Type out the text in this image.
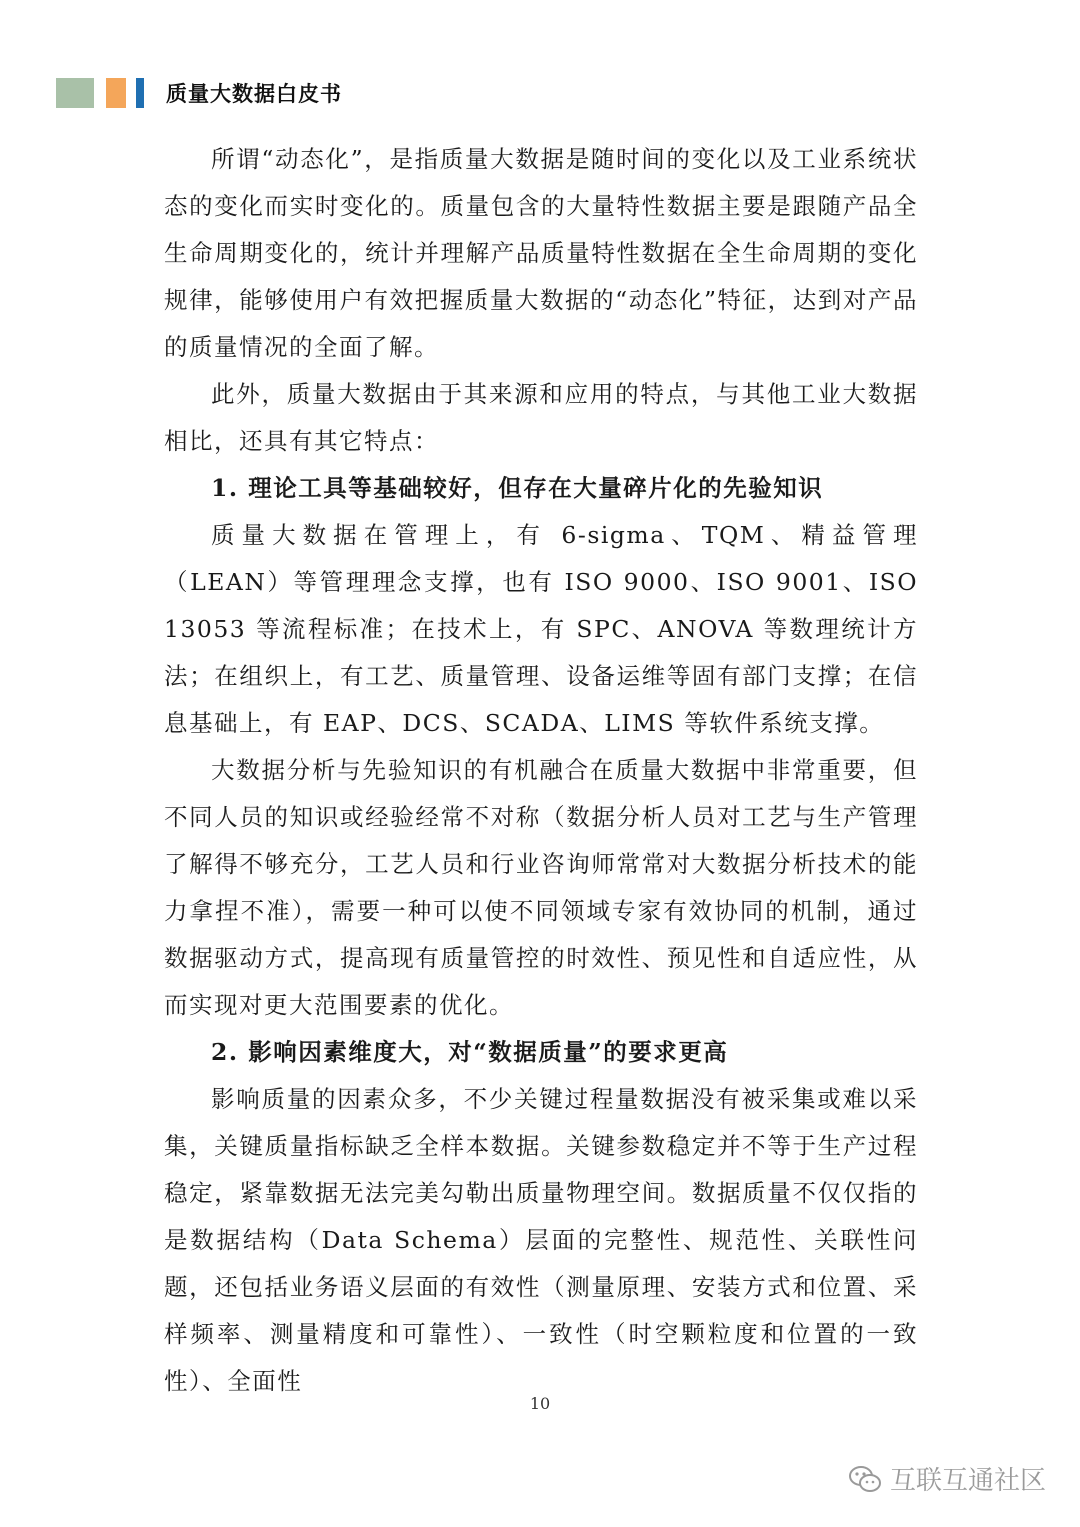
质量大数据白皮书

所谓“动态化”，是指质量大数据是随时间的变化以及工业系统状态的变化而实时变化的。质量包含的大量特性数据主要是跟随产品全生命周期变化的，统计并理解产品质量特性数据在全生命周期的变化规律，能够使用户有效把握质量大数据的“动态化”特征，达到对产品的质量情况的全面了解。

此外，质量大数据由于其来源和应用的特点，与其他工业大数据相比，还具有其它特点：

1. 理论工具等基础较好，但存在大量碎片化的先验知识

质量大数据在管理上，有 6-sigma、TQM、精益管理（LEAN）等管理理念支撑，也有 ISO 9000、ISO 9001、ISO 13053 等流程标准；在技术上，有 SPC、ANOVA 等数理统计方法；在组织上，有工艺、质量管理、设备运维等固有部门支撑；在信息基础上，有 EAP、DCS、SCADA、LIMS 等软件系统支撑。

大数据分析与先验知识的有机融合在质量大数据中非常重要，但不同人员的知识或经验经常不对称（数据分析人员对工艺与生产管理了解得不够充分，工艺人员和行业咨询师常常对大数据分析技术的能力拿捏不准），需要一种可以使不同领域专家有效协同的机制，通过数据驱动方式，提高现有质量管控的时效性、预见性和自适应性，从而实现对更大范围要素的优化。

2. 影响因素维度大，对“数据质量”的要求更高

影响质量的因素众多，不少关键过程量数据没有被采集或难以采集，关键质量指标缺乏全样本数据。关键参数稳定并不等于生产过程稳定，紧靠数据无法完美勾勒出质量物理空间。数据质量不仅仅指的是数据结构（Data Schema）层面的完整性、规范性、关联性问题，还包括业务语义层面的有效性（测量原理、安装方式和位置、采样频率、测量精度和可靠性）、一致性（时空颗粒度和位置的一致性）、全面性

10
互联互通社区
